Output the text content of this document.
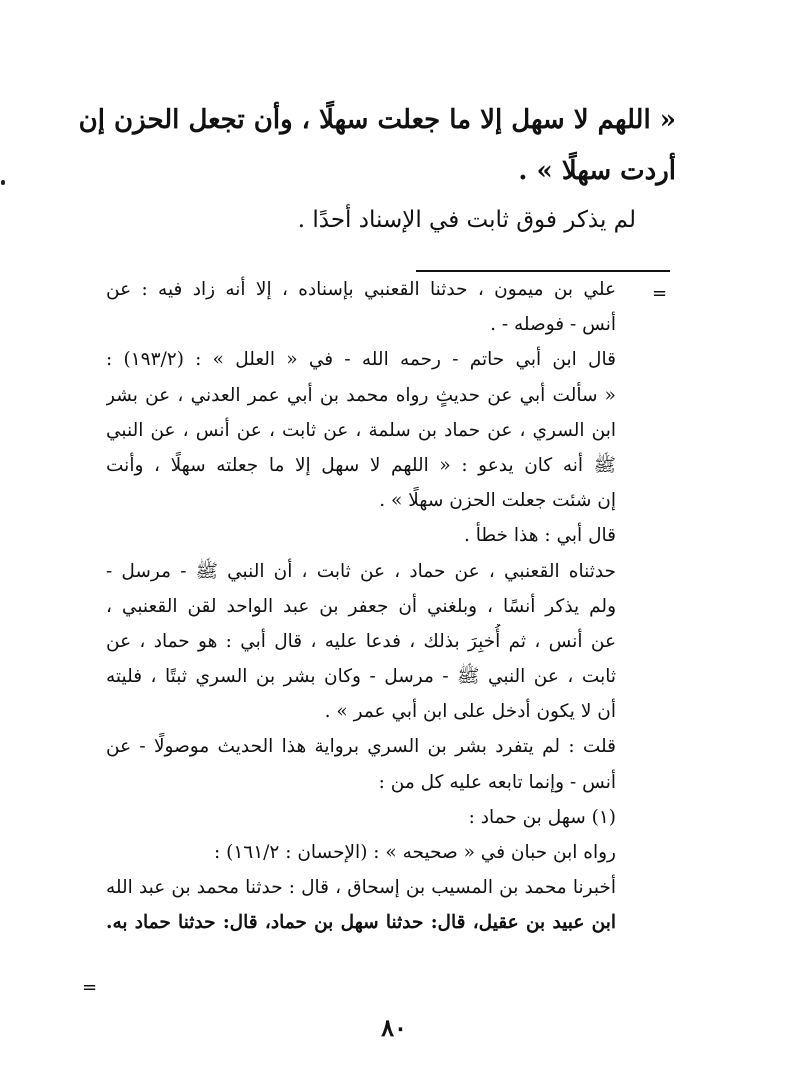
« اللهم لا سهل إلا ما جعلت سهلًا ، وأن تجعل الحزن إن
أردت سهلًا » .
لم يذكر فوق ثابت في الإسناد أحدًا .
=
علي بن ميمون ، حدثنا القعنبي بإسناده ، إلا أنه زاد فيه : عن
أنس - فوصله - .
قال ابن أبي حاتم - رحمه الله - في « العلل » : (١٩٣/٢) :
« سألت أبي عن حديثٍ رواه محمد بن أبي عمر العدني ، عن بشر
ابن السري ، عن حماد بن سلمة ، عن ثابت ، عن أنس ، عن النبي
ﷺ أنه كان يدعو : « اللهم لا سهل إلا ما جعلته سهلًا ، وأنت
إن شئت جعلت الحزن سهلًا » .
قال أبي : هذا خطأ .
حدثناه القعنبي ، عن حماد ، عن ثابت ، أن النبي ﷺ - مرسل -
ولم يذكر أنسًا ، وبلغني أن جعفر بن عبد الواحد لقن القعنبي ،
عن أنس ، ثم أُخبِرَ بذلك ، فدعا عليه ، قال أبي : هو حماد ، عن
ثابت ، عن النبي ﷺ - مرسل - وكان بشر بن السري ثبتًا ، فليته
أن لا يكون أدخل على ابن أبي عمر » .
قلت : لم يتفرد بشر بن السري برواية هذا الحديث موصولًا - عن
أنس - وإنما تابعه عليه كل من :
(١) سهل بن حماد :
رواه ابن حبان في « صحيحه » : (الإحسان : ١٦١/٢) :
أخبرنا محمد بن المسيب بن إسحاق ، قال : حدثنا محمد بن عبد الله
ابن عبيد بن عقيل، قال: حدثنا سهل بن حماد، قال: حدثنا حماد به.
=
٨٠
